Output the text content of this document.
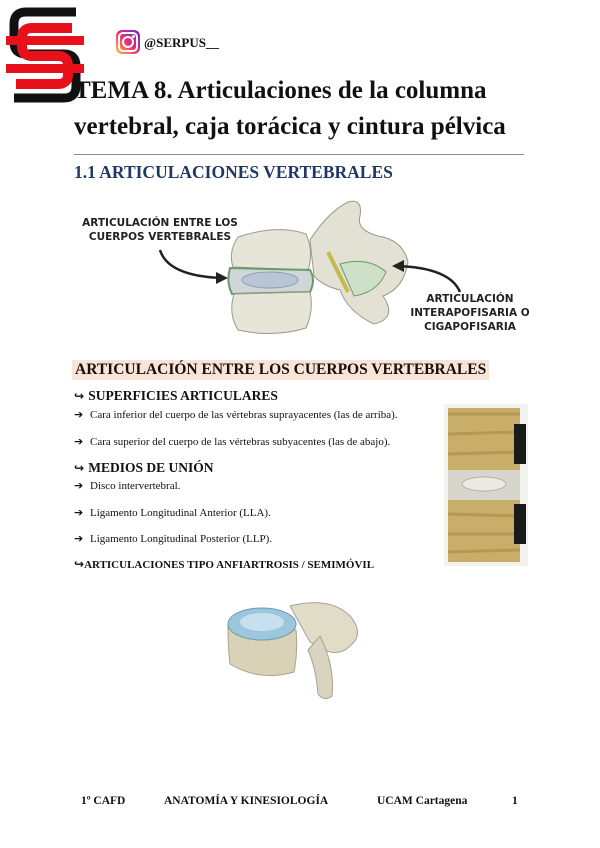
@SERPUS__
TEMA 8. Articulaciones de la columna vertebral, caja torácica y cintura pélvica
1.1 ARTICULACIONES VERTEBRALES
ARTICULACIÓN ENTRE LOS CUERPOS VERTEBRALES
ARTICULACIÓN INTERAPOFISARIA O CIGAPOFISARIA
ARTICULACIÓN ENTRE LOS CUERPOS VERTEBRALES
↪ SUPERFICIES ARTICULARES
➔ Cara inferior del cuerpo de las vértebras suprayacentes (las de arriba).
➔ Cara superior del cuerpo de las vértebras subyacentes (las de abajo).
↪ MEDIOS DE UNIÓN
➔ Disco intervertebral.
➔ Ligamento Longitudinal Anterior (LLA).
➔ Ligamento Longitudinal Posterior (LLP).
↪ARTICULACIONES TIPO ANFIARTROSIS / SEMIMÓVIL
1º CAFD	ANATOMÍA Y KINESIOLOGÍA	UCAM Cartagena	1
